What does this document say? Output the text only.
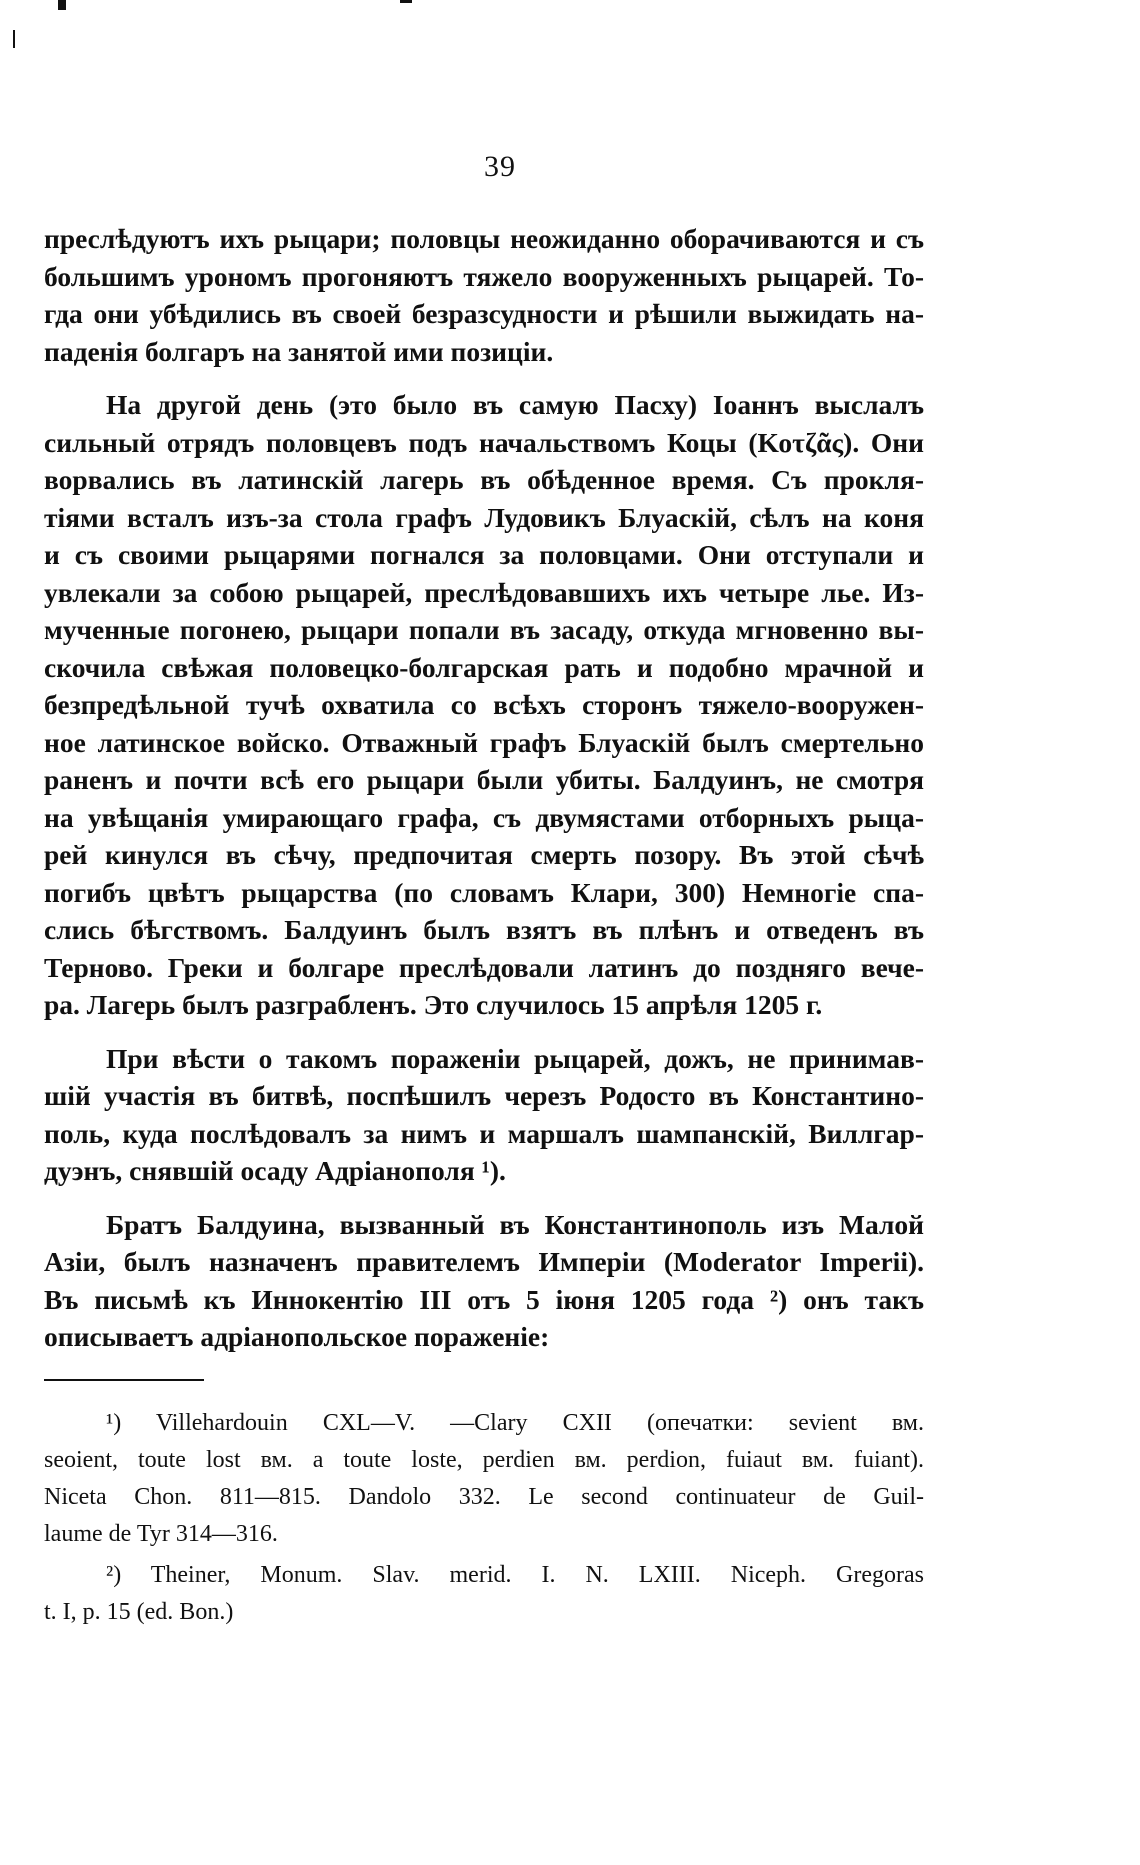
39
преслѣдуютъ ихъ рыцари; половцы неожиданно оборачиваются и съ
большимъ урономъ прогоняютъ тяжело вооруженныхъ рыцарей. То-
гда они убѣдились въ своей безразсудности и рѣшили выжидать на-
паденія болгаръ на занятой ими позиціи.
На другой день (это было въ самую Пасху) Іоаннъ выслалъ
сильный отрядъ половцевъ подъ начальствомъ Коцы (Κοτζᾶς). Они
ворвались въ латинскій лагерь въ обѣденное время. Съ прокля-
тіями всталъ изъ-за стола графъ Лудовикъ Блуаскій, сѣлъ на коня
и съ своими рыцарями погнался за половцами. Они отступали и
увлекали за собою рыцарей, преслѣдовавшихъ ихъ четыре лье. Из-
мученные погонею, рыцари попали въ засаду, откуда мгновенно вы-
скочила свѣжая половецко-болгарская рать и подобно мрачной и
безпредѣльной тучѣ охватила со всѣхъ сторонъ тяжело-вооружен-
ное латинское войско. Отважный графъ Блуаскій былъ смертельно
раненъ и почти всѣ его рыцари были убиты. Балдуинъ, не смотря
на увѣщанія умирающаго графа, съ двумястами отборныхъ рыца-
рей кинулся въ сѣчу, предпочитая смерть позору. Въ этой сѣчѣ
погибъ цвѣтъ рыцарства (по словамъ Клари, 300) Немногіе спа-
слись бѣгствомъ. Балдуинъ былъ взятъ въ плѣнъ и отведенъ въ
Терново. Греки и болгаре преслѣдовали латинъ до поздняго вече-
ра. Лагерь былъ разграбленъ. Это случилось 15 апрѣля 1205 г.
При вѣсти о такомъ пораженіи рыцарей, дожъ, не принимав-
шій участія въ битвѣ, поспѣшилъ черезъ Родосто въ Константино-
поль, куда послѣдовалъ за нимъ и маршалъ шампанскій, Виллгар-
дуэнъ, снявшій осаду Адріанополя ¹).
Братъ Балдуина, вызванный въ Константинополь изъ Малой
Азіи, былъ назначенъ правителемъ Имперіи (Moderator Imperii).
Въ письмѣ къ Иннокентію III отъ 5 іюня 1205 года ²) онъ такъ
описываетъ адріанопольское пораженіе:
¹) Villehardouin CXL—V. —Clary CXII (опечатки: sevient вм.
seoient, toute lost вм. a toute loste, perdien вм. perdion, fuiaut вм. fuiant).
Niceta Chon. 811—815. Dandolo 332. Le second continuateur de Guil-
laume de Tyr 314—316.
²) Theiner, Monum. Slav. merid. I. N. LXIII. Niceph. Gregoras
t. I, p. 15 (ed. Bon.)
